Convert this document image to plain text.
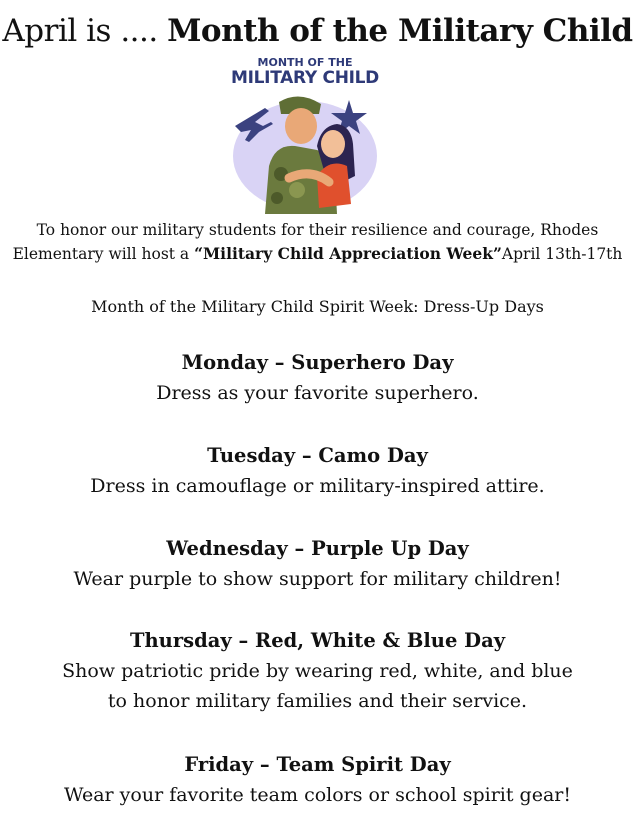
April is .... Month of the Military Child
MONTH OF THE
MILITARY CHILD
To honor our military students for their resilience and courage, Rhodes
Elementary will host a “Military Child Appreciation Week”April 13th-17th
Month of the Military Child Spirit Week: Dress-Up Days
Monday – Superhero Day
Dress as your favorite superhero.
Tuesday – Camo Day
Dress in camouflage or military-inspired attire.
Wednesday – Purple Up Day
Wear purple to show support for military children!
Thursday – Red, White & Blue Day
Show patriotic pride by wearing red, white, and blue
to honor military families and their service.
Friday – Team Spirit Day
Wear your favorite team colors or school spirit gear!
